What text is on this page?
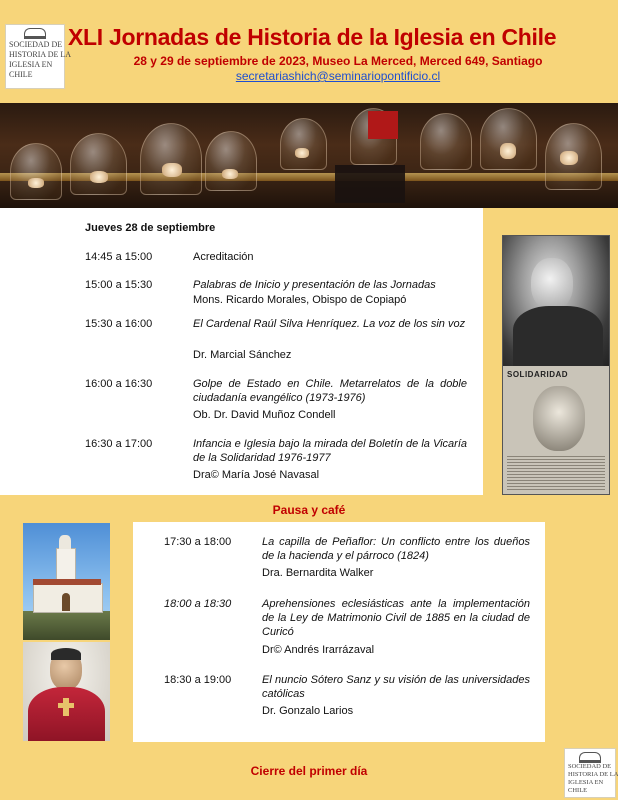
SOCIEDAD DE
HISTORIA DE LA
IGLESIA EN
CHILE
XLI Jornadas de Historia de la Iglesia en Chile
28 y 29 de septiembre de 2023, Museo La Merced, Merced 649, Santiago
secretariashich@seminariopontificio.cl
Jueves 28 de septiembre
14:45 a 15:00	Acreditación
15:00 a 15:30	Palabras de Inicio y presentación de las Jornadas
Mons. Ricardo Morales, Obispo de Copiapó
15:30 a 16:00	El Cardenal Raúl Silva Henríquez. La voz de los sin voz
Dr. Marcial Sánchez
16:00 a 16:30	Golpe de Estado en Chile. Metarrelatos de la doble ciudadanía evangélico (1973-1976)
Ob. Dr. David Muñoz Condell
16:30 a 17:00	Infancia e Iglesia bajo la mirada del Boletín de la Vicaría de la Solidaridad 1976-1977
Dra© María José Navasal
SOLIDARIDAD
Pausa y café
17:30 a 18:00	La capilla de Peñaflor: Un conflicto entre los dueños de la hacienda y el párroco (1824)
Dra. Bernardita Walker
18:00 a 18:30	Aprehensiones eclesiásticas ante la implementación de la Ley de Matrimonio Civil de 1885 en la ciudad de Curicó
Dr© Andrés Irarrázaval
18:30 a 19:00	El nuncio Sótero Sanz y su visión de las universidades católicas
Dr. Gonzalo Larios
Cierre del primer día	SOCIEDAD DE
HISTORIA DE LA
IGLESIA EN
CHILE
